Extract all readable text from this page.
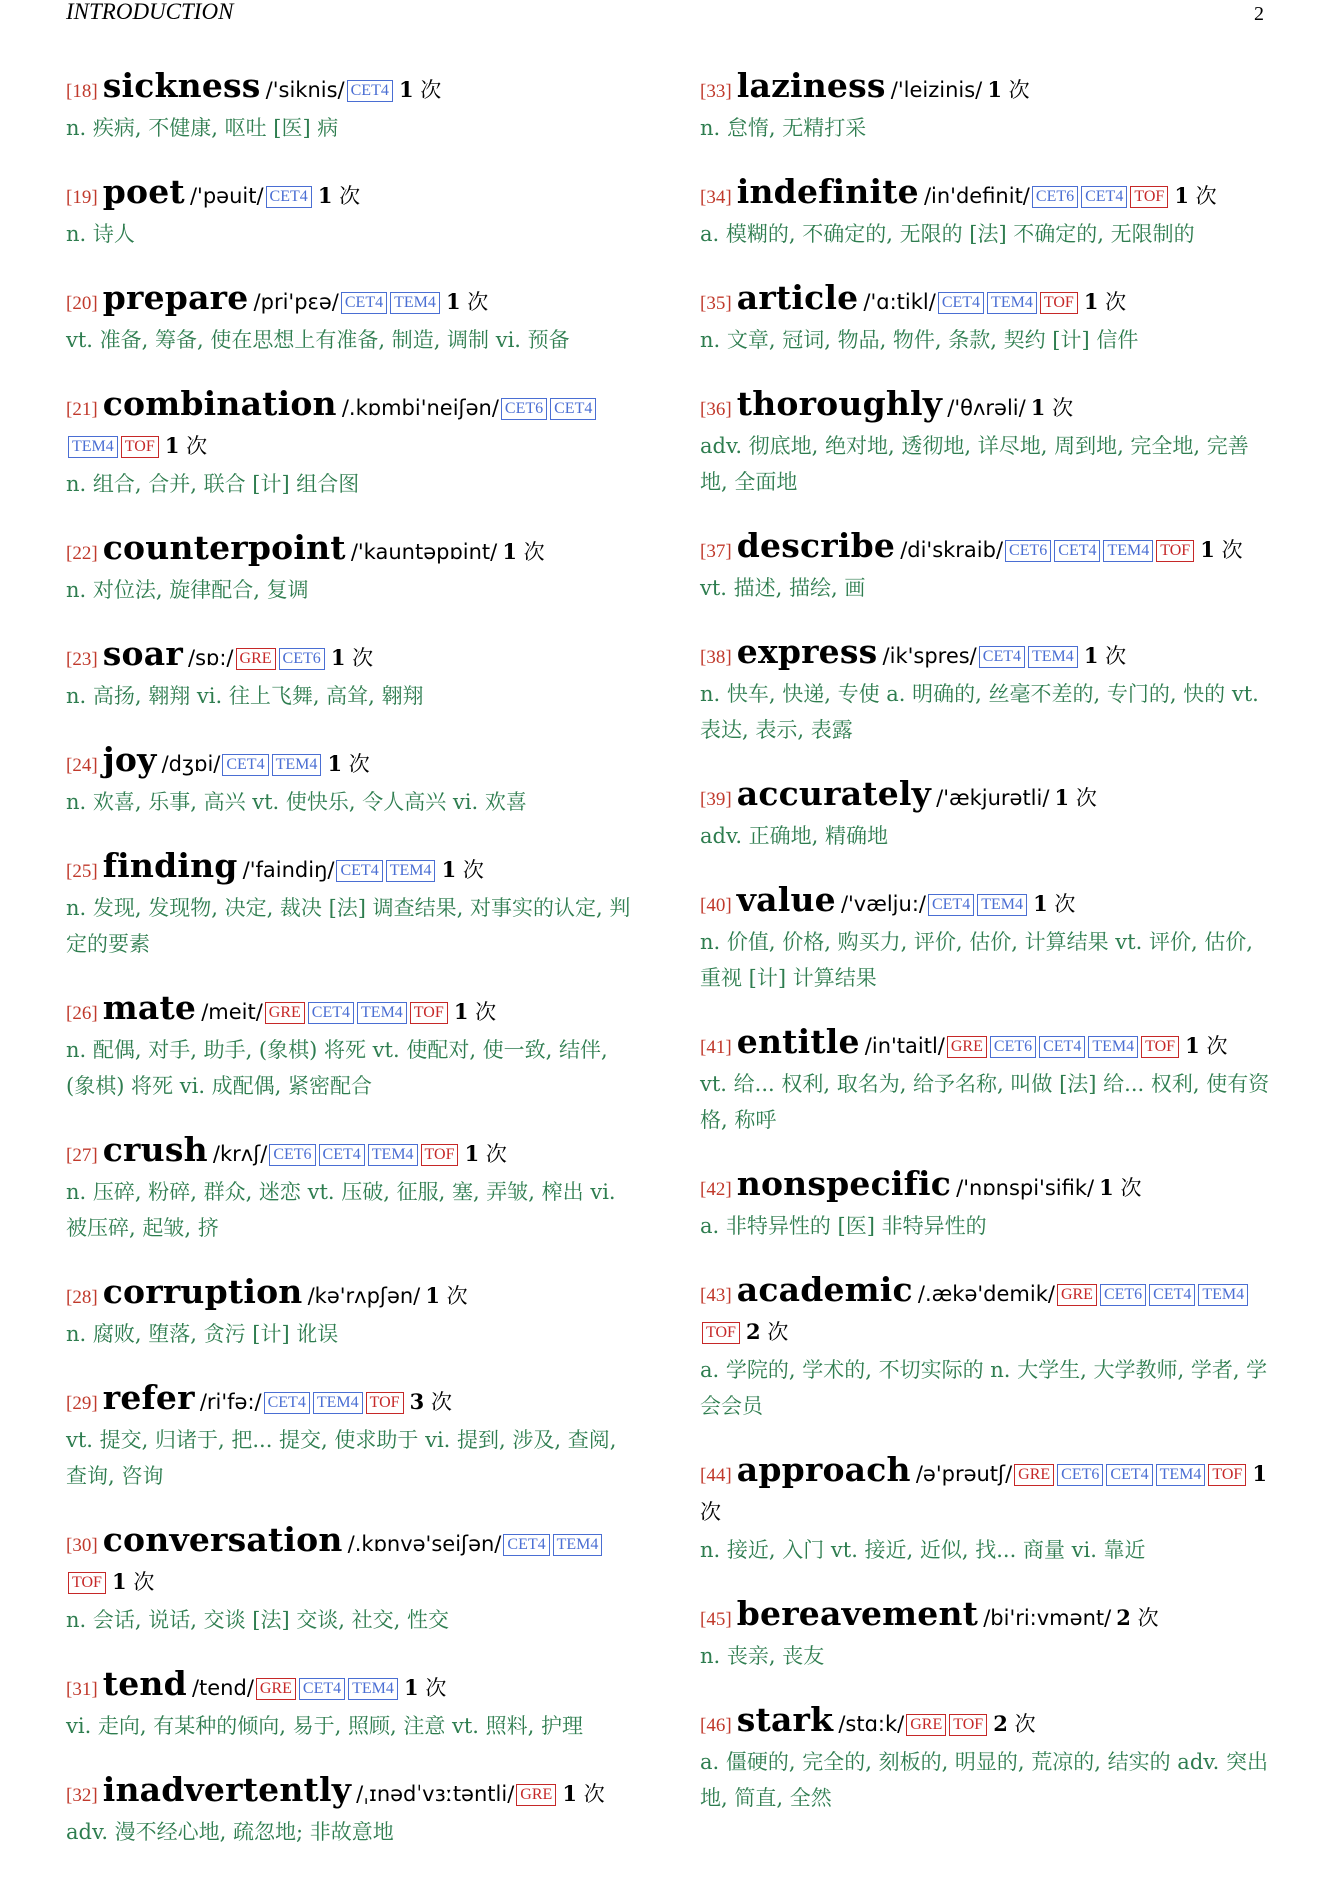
INTRODUCTION	2
[18] sickness /'siknis/ CET4 1 次
n. 疾病, 不健康, 呕吐 [医] 病
[19] poet /'pəuit/ CET4 1 次
n. 诗人
[20] prepare /pri'pεə/ CET4 TEM4 1 次
vt. 准备, 筹备, 使在思想上有准备, 制造, 调制 vi. 预备
[21] combination /.kɒmbi'neiʃən/ CET6 CET4TEM4 TOF 1 次
n. 组合, 合并, 联合 [计] 组合图
[22] counterpoint /'kauntəpɒint/ 1 次
n. 对位法, 旋律配合, 复调
[23] soar /sɒ:/ GRE CET6 1 次
n. 高扬, 翱翔 vi. 往上飞舞, 高耸, 翱翔
[24] joy /dʒɒi/ CET4 TEM4 1 次
n. 欢喜, 乐事, 高兴 vt. 使快乐, 令人高兴 vi. 欢喜
[25] finding /'faindiŋ/ CET4 TEM4 1 次
n. 发现, 发现物, 决定, 裁决 [法] 调查结果, 对事实的认定, 判定的要素
[26] mate /meit/ GRE CET4 TEM4 TOF 1 次
n. 配偶, 对手, 助手, (象棋) 将死 vt. 使配对, 使一致, 结伴, (象棋) 将死 vi. 成配偶, 紧密配合
[27] crush /krʌʃ/ CET6 CET4 TEM4 TOF 1 次
n. 压碎, 粉碎, 群众, 迷恋 vt. 压破, 征服, 塞, 弄皱, 榨出 vi. 被压碎, 起皱, 挤
[28] corruption /kə'rʌpʃən/ 1 次
n. 腐败, 堕落, 贪污 [计] 讹误
[29] refer /ri'fə:/ CET4 TEM4 TOF 3 次
vt. 提交, 归诸于, 把... 提交, 使求助于 vi. 提到, 涉及, 查阅, 查询, 咨询
[30] conversation /.kɒnvə'seiʃən/ CET4 TEM4TOF 1 次
n. 会话, 说话, 交谈 [法] 交谈, 社交, 性交
[31] tend /tend/ GRE CET4 TEM4 1 次
vi. 走向, 有某种的倾向, 易于, 照顾, 注意 vt. 照料, 护理
[32] inadvertently /ˌɪnədˈvɜːtəntli/ GRE 1 次
adv. 漫不经心地, 疏忽地; 非故意地
[33] laziness /'leizinis/ 1 次
n. 怠惰, 无精打采
[34] indefinite /in'definit/ CET6 CET4 TOF 1 次
a. 模糊的, 不确定的, 无限的 [法] 不确定的, 无限制的
[35] article /'ɑ:tikl/ CET4 TEM4 TOF 1 次
n. 文章, 冠词, 物品, 物件, 条款, 契约 [计] 信件
[36] thoroughly /'θʌrəli/ 1 次
adv. 彻底地, 绝对地, 透彻地, 详尽地, 周到地, 完全地, 完善地, 全面地
[37] describe /di'skraib/ CET6 CET4 TEM4 TOF 1 次
vt. 描述, 描绘, 画
[38] express /ik'spres/ CET4 TEM4 1 次
n. 快车, 快递, 专使 a. 明确的, 丝毫不差的, 专门的, 快的 vt. 表达, 表示, 表露
[39] accurately /'ækjurətli/ 1 次
adv. 正确地, 精确地
[40] value /'vælju:/ CET4 TEM4 1 次
n. 价值, 价格, 购买力, 评价, 估价, 计算结果 vt. 评价, 估价, 重视 [计] 计算结果
[41] entitle /in'taitl/ GRE CET6 CET4 TEM4 TOF 1 次
vt. 给... 权利, 取名为, 给予名称, 叫做 [法] 给... 权利, 使有资格, 称呼
[42] nonspecific /'nɒnspi'sifik/ 1 次
a. 非特异性的 [医] 非特异性的
[43] academic /.ækə'demik/ GRE CET6 CET4 TEM4TOF 2 次
a. 学院的, 学术的, 不切实际的 n. 大学生, 大学教师, 学者, 学会会员
[44] approach /ə'prəutʃ/ GRE CET6 CET4 TEM4 TOF 1 次
n. 接近, 入门 vt. 接近, 近似, 找... 商量 vi. 靠近
[45] bereavement /bi'ri:vmənt/ 2 次
n. 丧亲, 丧友
[46] stark /stɑ:k/ GRE TOF 2 次
a. 僵硬的, 完全的, 刻板的, 明显的, 荒凉的, 结实的 adv. 突出地, 简直, 全然
